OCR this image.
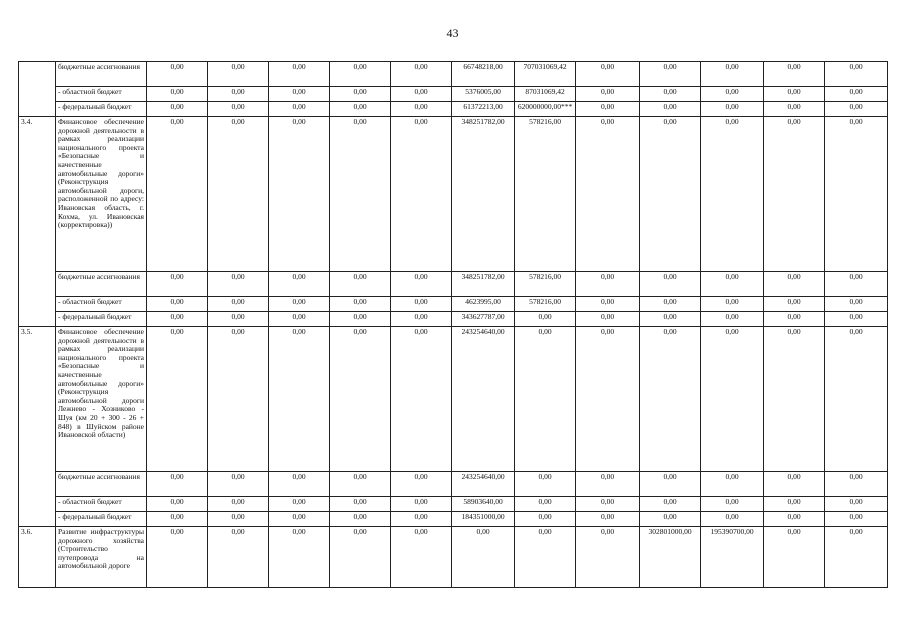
43
	бюджетные ассигнования	0,00	0,00	0,00	0,00	0,00	66748218,00	707031069,42	0,00	0,00	0,00	0,00	0,00
	- областной бюджет	0,00	0,00	0,00	0,00	0,00	5376005,00	87031069,42	0,00	0,00	0,00	0,00	0,00
	- федеральный бюджет	0,00	0,00	0,00	0,00	0,00	61372213,00	620000000,00***	0,00	0,00	0,00	0,00	0,00
3.4.	Финансовое обеспечение дорожной деятельности в рамках реализации национального проекта «Безопасные и качественные автомобильные дороги» (Реконструкция автомобильной дороги, расположенной по адресу: Ивановская область, г. Кохма, ул. Ивановская (корректировка))	0,00	0,00	0,00	0,00	0,00	348251782,00	578216,00	0,00	0,00	0,00	0,00	0,00
	бюджетные ассигнования	0,00	0,00	0,00	0,00	0,00	348251782,00	578216,00	0,00	0,00	0,00	0,00	0,00
	- областной бюджет	0,00	0,00	0,00	0,00	0,00	4623995,00	578216,00	0,00	0,00	0,00	0,00	0,00
	- федеральный бюджет	0,00	0,00	0,00	0,00	0,00	343627787,00	0,00	0,00	0,00	0,00	0,00	0,00
3.5.	Финансовое обеспечение дорожной деятельности в рамках реализации национального проекта «Безопасные и качественные автомобильные дороги» (Реконструкция автомобильной дороги Лежнево - Хозниково - Шуя (км 20 + 300 - 26 + 848) в Шуйском районе Ивановской области)	0,00	0,00	0,00	0,00	0,00	243254640,00	0,00	0,00	0,00	0,00	0,00	0,00
	бюджетные ассигнования	0,00	0,00	0,00	0,00	0,00	243254640,00	0,00	0,00	0,00	0,00	0,00	0,00
	- областной бюджет	0,00	0,00	0,00	0,00	0,00	58903640,00	0,00	0,00	0,00	0,00	0,00	0,00
	- федеральный бюджет	0,00	0,00	0,00	0,00	0,00	184351000,00	0,00	0,00	0,00	0,00	0,00	0,00
3.6.	Развитие инфраструктуры дорожного хозяйства (Строительство путепровода на автомобильной дороге	0,00	0,00	0,00	0,00	0,00	0,00	0,00	0,00	302801000,00	195390700,00	0,00	0,00
